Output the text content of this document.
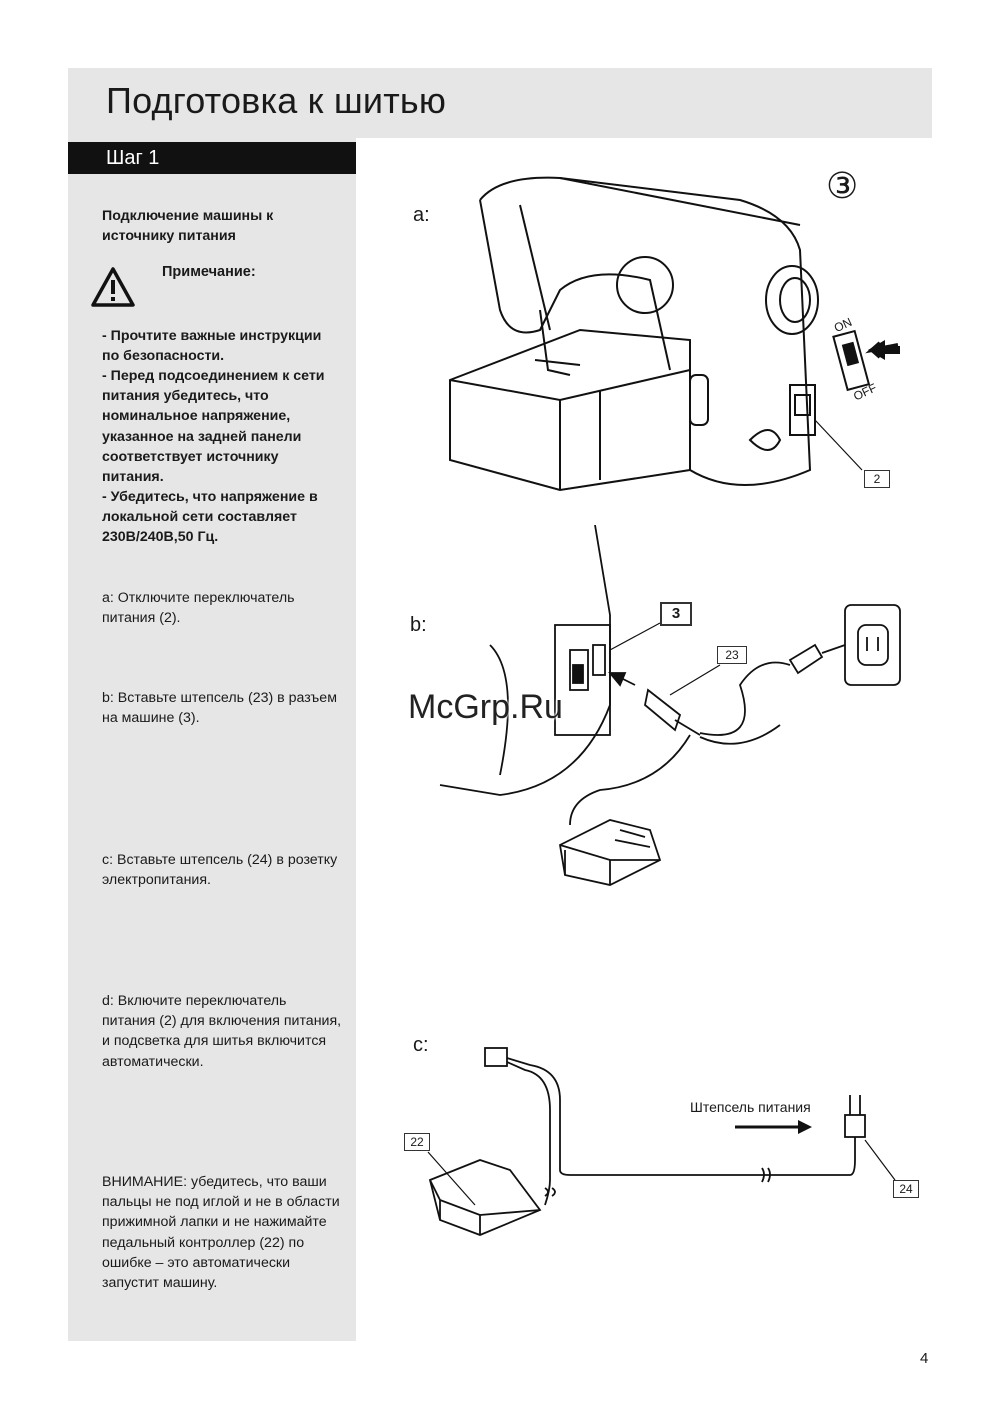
Подготовка к шитью
Шаг 1

Подключение машины к источнику питания

Примечание:

- Прочтите важные инструкции по безопасности.

- Перед подсоединением к сети питания убедитесь, что номинальное напряжение, указанное на задней панели соответствует источнику питания.

- Убедитесь, что напряжение в локальной сети составляет 230В/240В,50 Гц.

a: Отключите переключатель питания (2).

b: Вставьте штепсель (23) в разъем на машине (3).

c: Вставьте штепсель (24) в розетку электропитания.

d: Включите переключатель питания (2) для включения питания, и подсветка для шитья включится автоматически.

ВНИМАНИЕ: убедитесь, что ваши пальцы не под иглой и не в области прижимной лапки и не нажимайте педальный контроллер (22) по ошибке – это автоматически запустит машину.

a:
③
ON
OFF
2
b:
3
23
McGrp.Ru
c:
Штепсель питания
22
24
4
